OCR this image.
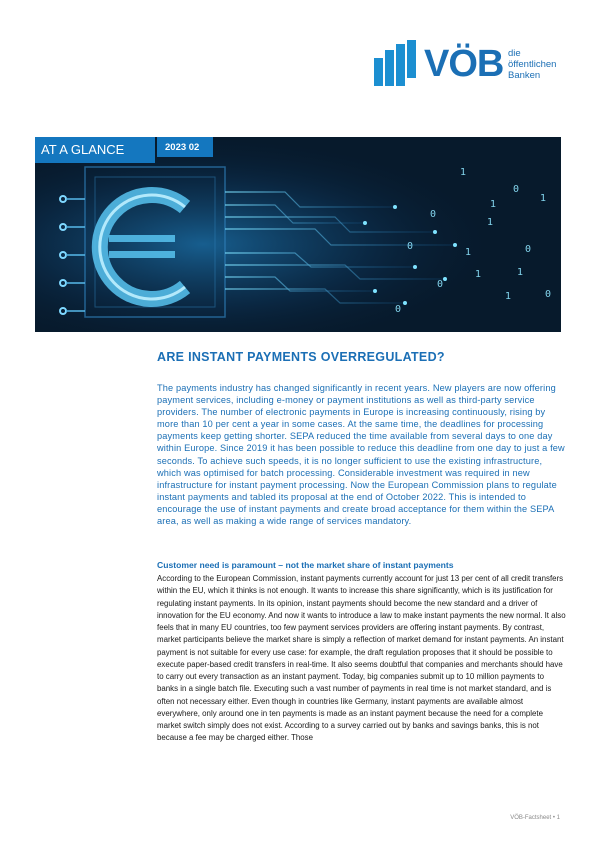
VÖB die
öffentlichen
Banken
1
0
0
1
1
1
0
1
1
0
0
1
0
1
0
AT A GLANCE	2023 02
ARE INSTANT PAYMENTS OVERREGULATED?

The payments industry has changed significantly in recent years. New players are now offering payment services, including e-money or payment institutions as well as third-party service providers. The number of electronic payments in Europe is increasing continuously, rising by more than 10 per cent a year in some cases. At the same time, the deadlines for processing payments keep getting shorter. SEPA reduced the time available from several days to one day within Europe. Since 2019 it has been possible to reduce this deadline from one day to just a few seconds. To achieve such speeds, it is no longer sufficient to use the existing infrastructure, which was optimised for batch processing. Considerable investment was required in new infrastructure for instant payment processing. Now the European Commission plans to regulate instant payments and tabled its proposal at the end of October 2022. This is intended to encourage the use of instant payments and create broad acceptance for them within the SEPA area, as well as making a wide range of services mandatory.

Customer need is paramount – not the market share of instant payments

According to the European Commission, instant payments currently account for just 13 per cent of all credit transfers within the EU, which it thinks is not enough. It wants to increase this share significantly, which is its justification for regulating instant payments. In its opinion, instant payments should become the new standard and a driver of innovation for the EU economy. And now it wants to introduce a law to make instant payments the new normal. It also feels that in many EU countries, too few payment services providers are offering instant payments. By contrast, market participants believe the market share is simply a reflection of market demand for instant payments. An instant payment is not suitable for every use case: for example, the draft regulation proposes that it should be possible to execute paper-based credit transfers in real-time. It also seems doubtful that companies and merchants should have to carry out every transaction as an instant payment. Today, big companies submit up to 10 million payments to banks in a single batch file. Executing such a vast number of payments in real time is not market standard, and is often not necessary either. Even though in countries like Germany, instant payments are available almost everywhere, only around one in ten payments is made as an instant payment because the need for a complete market switch simply does not exist. According to a survey carried out by banks and savings banks, this is not because a fee may be charged either. Those

VÖB-Factsheet • 1
